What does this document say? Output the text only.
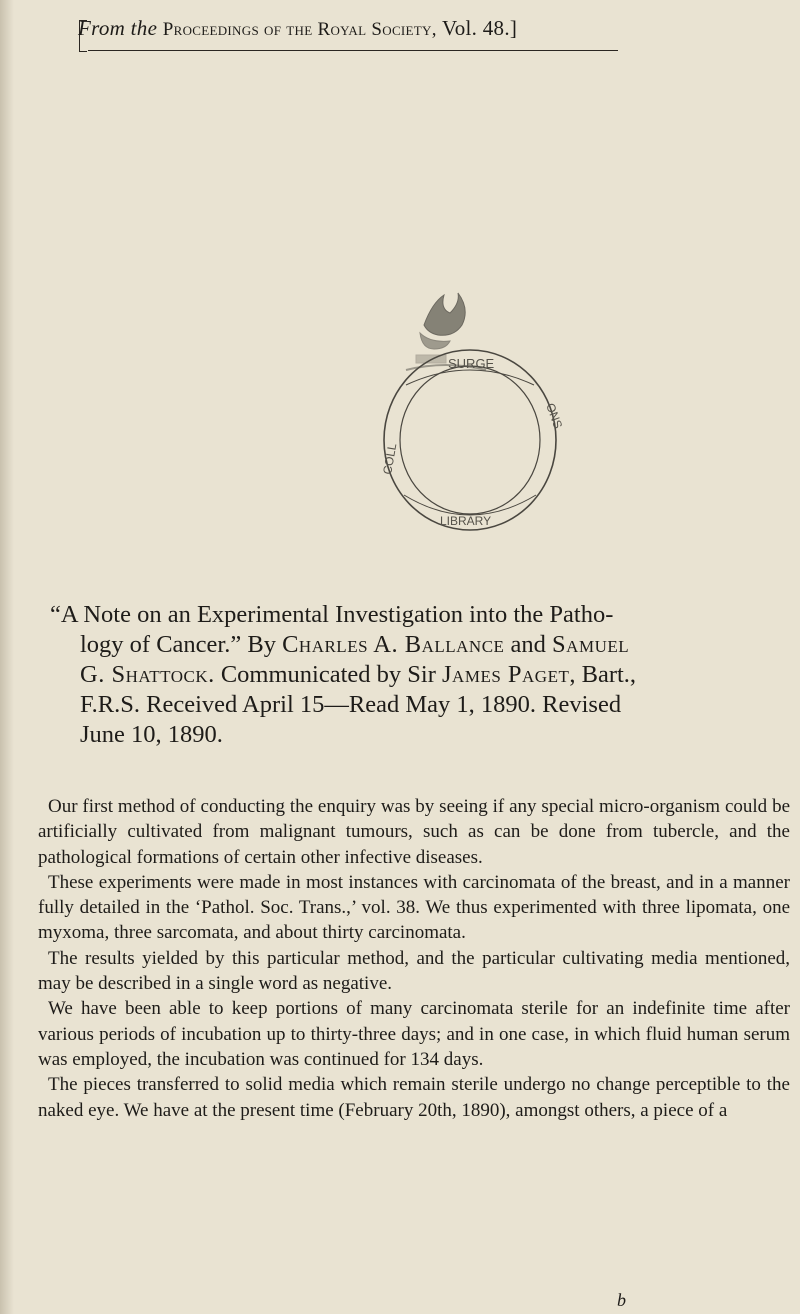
From the Proceedings of the Royal Society, Vol. 48.]
SURGE
ONS
COLL
LIBRARY

“A Note on an Experimental Investigation into the Patho-
logy of Cancer.” By Charles A. Ballance and Samuel
G. Shattock. Communicated by Sir James Paget, Bart.,
F.R.S. Received April 15—Read May 1, 1890. Revised
June 10, 1890.

Our first method of conducting the enquiry was by seeing if any special micro-organism could be artificially cultivated from malignant tumours, such as can be done from tubercle, and the pathological formations of certain other infective diseases.

These experiments were made in most instances with carcinomata of the breast, and in a manner fully detailed in the ‘Pathol. Soc. Trans.,’ vol. 38. We thus experimented with three lipomata, one myxoma, three sarcomata, and about thirty carcinomata.

The results yielded by this particular method, and the particular cultivating media mentioned, may be described in a single word as negative.

We have been able to keep portions of many carcinomata sterile for an indefinite time after various periods of incubation up to thirty-three days; and in one case, in which fluid human serum was employed, the incubation was continued for 134 days.

The pieces transferred to solid media which remain sterile undergo no change perceptible to the naked eye. We have at the present time (February 20th, 1890), amongst others, a piece of a

b
